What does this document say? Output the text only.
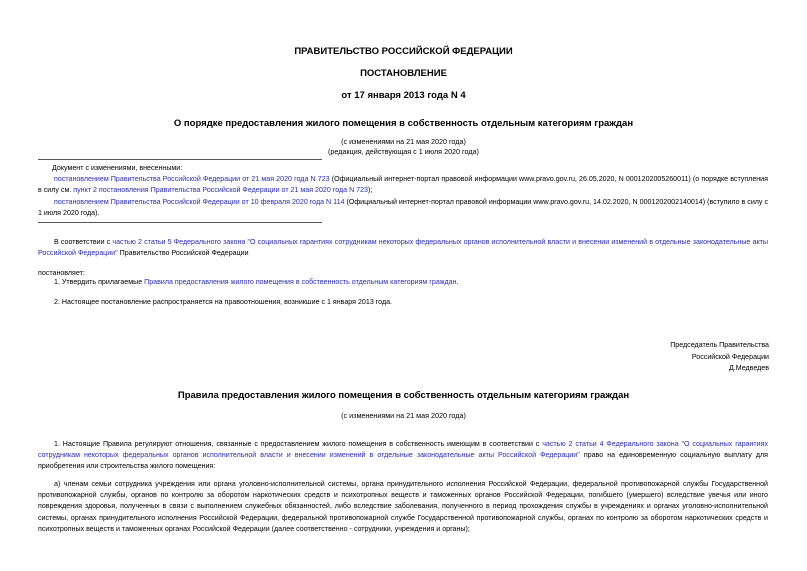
ПРАВИТЕЛЬСТВО РОССИЙСКОЙ ФЕДЕРАЦИИ
ПОСТАНОВЛЕНИЕ
от 17 января 2013 года N 4
О порядке предоставления жилого помещения в собственность отдельным категориям граждан
(с изменениями на 21 мая 2020 года)
(редакция, действующая с 1 июля 2020 года)
Документ с изменениями, внесенными:
постановлением Правительства Российской Федерации от 21 мая 2020 года N 723 (Официальный интернет-портал правовой информации www.pravo.gov.ru, 26.05.2020, N 0001202005260011) (о порядке вступления в силу см. пункт 2 постановления Правительства Российской Федерации от 21 мая 2020 года N 723);
постановлением Правительства Российской Федерации от 10 февраля 2020 года N 114 (Официальный интернет-портал правовой информации www.pravo.gov.ru, 14.02.2020, N 0001202002140014) (вступило в силу с 1 июля 2020 года).
В соответствии с частью 2 статьи 5 Федерального закона "О социальных гарантиях сотрудникам некоторых федеральных органов исполнительной власти и внесении изменений в отдельные законодательные акты Российской Федерации" Правительство Российской Федерации
постановляет:
1. Утвердить прилагаемые Правила предоставления жилого помещения в собственность отдельным категориям граждан.
2. Настоящее постановление распространяется на правоотношения, возникшие с 1 января 2013 года.
Председатель Правительства
Российской Федерации
Д.Медведев
Правила предоставления жилого помещения в собственность отдельным категориям граждан
(с изменениями на 21 мая 2020 года)
1. Настоящие Правила регулируют отношения, связанные с предоставлением жилого помещения в собственность имеющим в соответствии с частью 2 статьи 4 Федерального закона "О социальных гарантиях сотрудникам некоторых федеральных органов исполнительной власти и внесении изменений в отдельные законодательные акты Российской Федерации" право на единовременную социальную выплату для приобретения или строительства жилого помещения:
а) членам семьи сотрудника учреждения или органа уголовно-исполнительной системы, органа принудительного исполнения Российской Федерации, федеральной противопожарной службы Государственной противопожарной службы, органов по контролю за оборотом наркотических средств и психотропных веществ и таможенных органов Российской Федерации, погибшего (умершего) вследствие увечья или иного повреждения здоровья, полученных в связи с выполнением служебных обязанностей, либо вследствие заболевания, полученного в период прохождения службы в учреждениях и органах уголовно-исполнительной системы, органах принудительного исполнения Российской Федерации, федеральной противопожарной службе Государственной противопожарной службы, органах по контролю за оборотом наркотических средств и психотропных веществ и таможенных органах Российской Федерации (далее соответственно - сотрудники, учреждения и органы);
